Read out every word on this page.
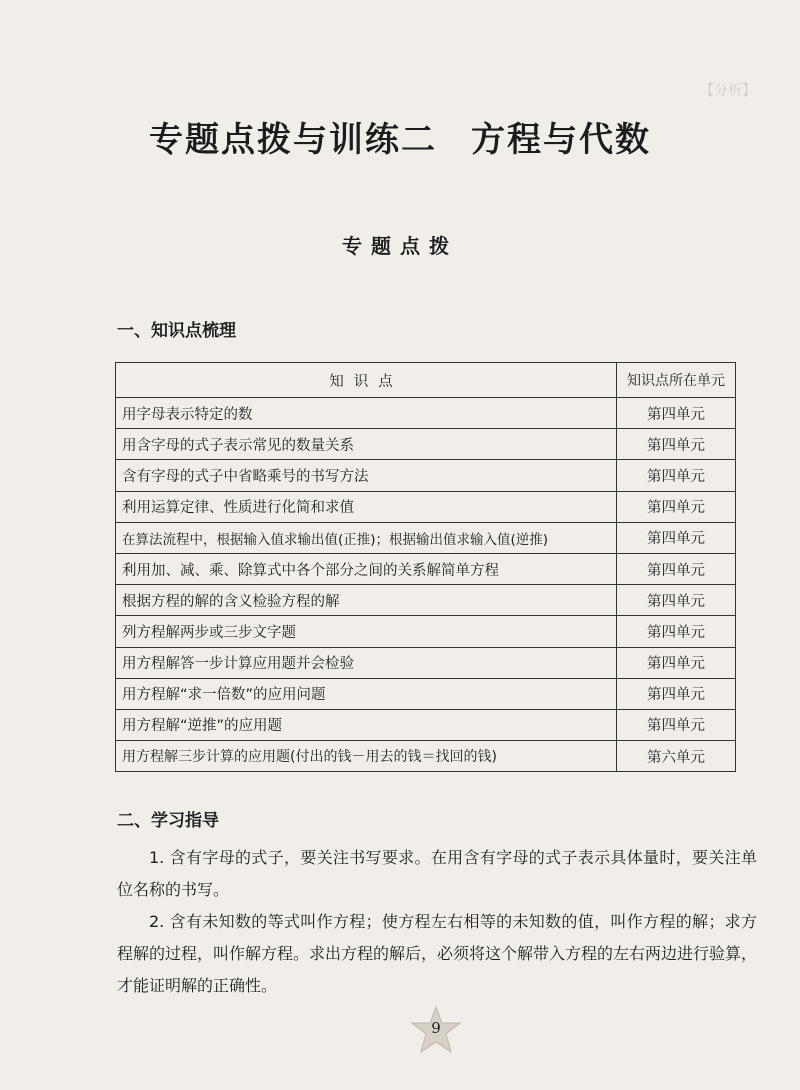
【分析】
专题点拨与训练二 方程与代数
专题点拨
一、知识点梳理
知识点	知识点所在单元
用字母表示特定的数	第四单元
用含字母的式子表示常见的数量关系	第四单元
含有字母的式子中省略乘号的书写方法	第四单元
利用运算定律、性质进行化简和求值	第四单元
在算法流程中，根据输入值求输出值(正推)；根据输出值求输入值(逆推)	第四单元
利用加、减、乘、除算式中各个部分之间的关系解简单方程	第四单元
根据方程的解的含义检验方程的解	第四单元
列方程解两步或三步文字题	第四单元
用方程解答一步计算应用题并会检验	第四单元
用方程解“求一倍数”的应用问题	第四单元
用方程解“逆推”的应用题	第四单元
用方程解三步计算的应用题(付出的钱－用去的钱＝找回的钱)	第六单元
二、学习指导
1. 含有字母的式子，要关注书写要求。在用含有字母的式子表示具体量时，要关注单位名称的书写。
2. 含有未知数的等式叫作方程；使方程左右相等的未知数的值，叫作方程的解；求方程解的过程，叫作解方程。求出方程的解后，必须将这个解带入方程的左右两边进行验算，才能证明解的正确性。
9
